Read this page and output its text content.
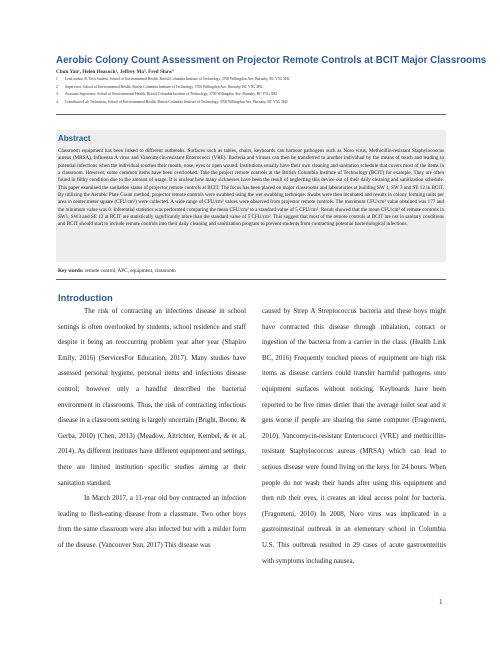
Aerobic Colony Count Assessment on Projector Remote Controls at BCIT Major Classrooms
Chun Yan¹, Helen Heacock², Jeffrey Ma³, Fred Shaw⁴
1	Lead author, B. Tech Student, School of Environmental Health, British Columbia Institute of Technology, 3700 Willingdon Ave, Burnaby, BC V5G 3H2
2	Supervisor, School of Environmental Health, British Columbia Institute of Technology, 3700 Willingdon Ave, Burnaby, BC V5G 3H2
3	Assistant Supervisor, School of Environmental Health, British Columbia Institute of Technology, 3700 Willingdon Ave, Burnaby, BC V5G 3H2
4	Contributor/Lab Technician, School of Environmental Health, British Columbia Institute of Technology, 3700 Willingdon Ave, Burnaby, BC V5G 3H2
Abstract
Classroom equipment has been linked to different outbreaks. Surfaces such as tables, chairs, keyboards can harbour pathogens such as Noro virus, Methicillin-resistant Staphylococcus aureus (MRSA), Influenza A virus and Vancomycin-resistant Enterococci (VRE). Bacteria and viruses can then be transferred to another individual by the means of touch and leading to potential infections when the individual touches their mouth, nose, eyes or open wound. Institutions usually have their own cleaning and sanitation schedule that covers most of the items in a classroom. However, some common items have been overlooked. Take the project remote controls at the British Columbia Institute of Technology (BCIT) for example. They are often found in filthy condition due to the amount of usage. It is unclear how many sicknesses have been the result of neglecting this device out of their daily cleaning and sanitization schedule. This paper examined the sanitation status of projector remote controls at BCIT. The focus has been placed on major classrooms and laboratories at building SW 1, SW 3 and SE 12 in BCIT. By utilizing the Aerobic Plate Count method, projector remote controls were swabbed using the wet swabbing technique. Swabs were then incubated and results in colony forming units per area in center meter square (CFU/cm²) were collected. A wide range of CFU/cm² values were observed from projector remote controls. The maximum CFU/cm² value obtained was 177 and the minimum value was 0. Inferential statistics was performed comparing the mean CFU/cm² to a standard value of 5 CFU/cm². Result showed that the mean CFU/cm² of remote controls in SW1, SW3 and SE 12 at BCIT are statistically significantly more than the standard value of 5 CFU/cm². This suggest that most of the remote controls at BCIT are not in sanitary conditions and BCIT should start to include remote controls into their daily cleaning and sanitization program to prevent students from contracting potential bacteriological infections.
Key words: remote control, APC, equipment, classroom
Introduction

The risk of contracting an infectious disease in school settings is often overlooked by students, school residence and staff despite it being an reoccurring problem year after year (Shapiro Emily, 2016) (ServicesFor Education, 2017). Many studies have assessed personal hygiene, personal items and infectious disease control; however only a handful described the bacterial environment in classrooms. Thus, the risk of contracting infectious disease in a classroom setting is largely uncertain (Bright, Boone, & Gerba, 2010) (Chen, 2013) (Meadow, Altrichter, Kembel, & et al, 2014). As different institutes have different equipment and settings, there are limited institution specific studies aiming at their sanitation standard.

In March 2017, a 11-year old boy contracted an infection leading to flesh-eating disease from a classmate. Two other boys from the same classroom were also infected but with a milder form of the disease. (Vancouver Sun, 2017) This disease was

caused by Strep A Streptococcus bacteria and these boys might have contracted this disease through inhalation, contact or ingestion of the bacteria from a carrier in the class. (Health Link BC, 2016) Frequently touched pieces of equipment are high risk items as disease carriers could transfer harmful pathogens onto equipment surfaces without noticing. Keyboards have been reported to be five times dirtier than the average toilet seat and it gets worse if people are sharing the same computer (Fragomeni, 2010). Vancomycin-resistant Enterococci (VRE) and methicillin-resistant Staphylococcus aureus (MRSA) which can lead to serious disease were found living on the keys for 24 hours. When people do not wash their hands after using this equipment and then rub their eyes, it creates an ideal access point for bacteria. (Fragomeni, 2010) In 2008, Noro virus was implicated in a gastrointestinal outbreak in an elementary school in Columbia U.S. This outbreak resulted in 29 cases of acute gastroenteritis with symptoms including nausea,

1
